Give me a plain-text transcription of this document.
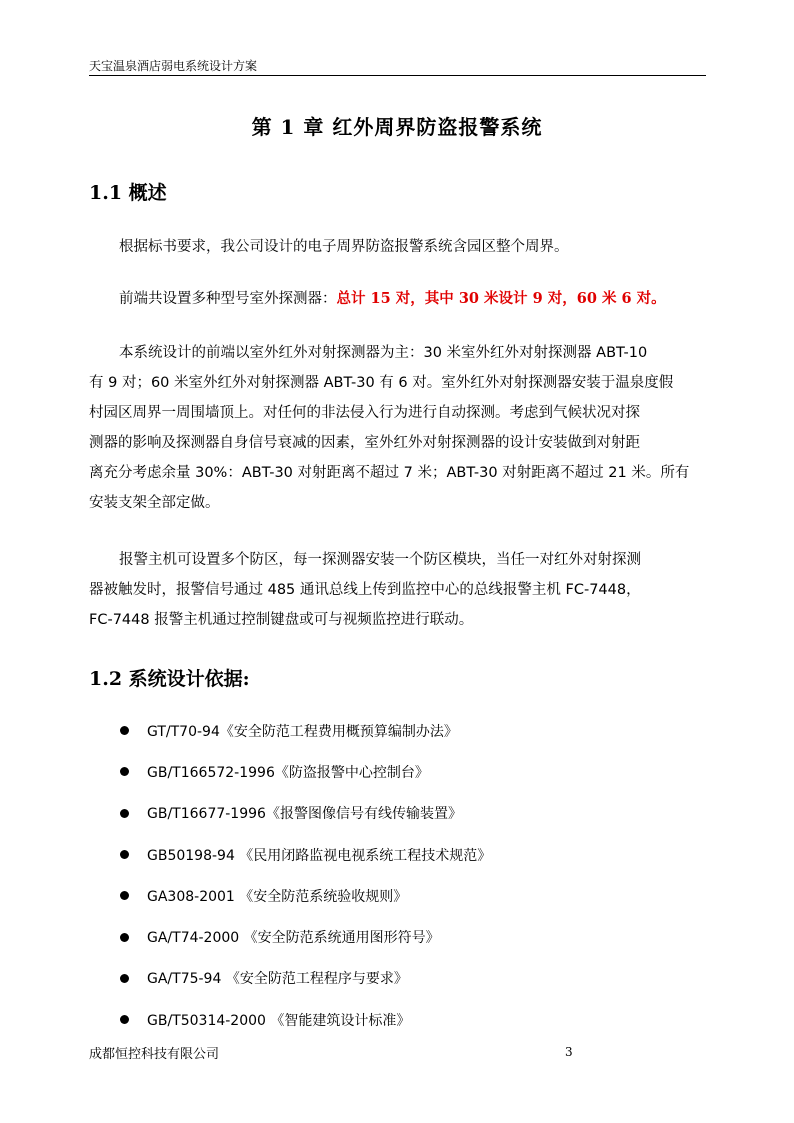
天宝温泉酒店弱电系统设计方案
第 1 章 红外周界防盗报警系统
1.1 概述

根据标书要求，我公司设计的电子周界防盗报警系统含园区整个周界。

前端共设置多种型号室外探测器：总计 15 对，其中 30 米设计 9 对，60 米 6 对。

本系统设计的前端以室外红外对射探测器为主：30 米室外红外对射探测器 ABT-10
有 9 对；60 米室外红外对射探测器 ABT-30 有 6 对。室外红外对射探测器安装于温泉度假
村园区周界一周围墙顶上。对任何的非法侵入行为进行自动探测。考虑到气候状况对探
测器的影响及探测器自身信号衰减的因素，室外红外对射探测器的设计安装做到对射距
离充分考虑余量 30%：ABT-30 对射距离不超过 7 米；ABT-30 对射距离不超过 21 米。所有
安装支架全部定做。

报警主机可设置多个防区，每一探测器安装一个防区模块，当任一对红外对射探测
器被触发时，报警信号通过 485 通讯总线上传到监控中心的总线报警主机 FC-7448，
FC-7448 报警主机通过控制键盘或可与视频监控进行联动。

1.2 系统设计依据:
GT/T70-94《安全防范工程费用概预算编制办法》
GB/T166572-1996《防盗报警中心控制台》
GB/T16677-1996《报警图像信号有线传输装置》
GB50198-94 《民用闭路监视电视系统工程技术规范》
GA308-2001 《安全防范系统验收规则》
GA/T74-2000 《安全防范系统通用图形符号》
GA/T75-94 《安全防范工程程序与要求》
GB/T50314-2000 《智能建筑设计标准》
成都恒控科技有限公司	3
